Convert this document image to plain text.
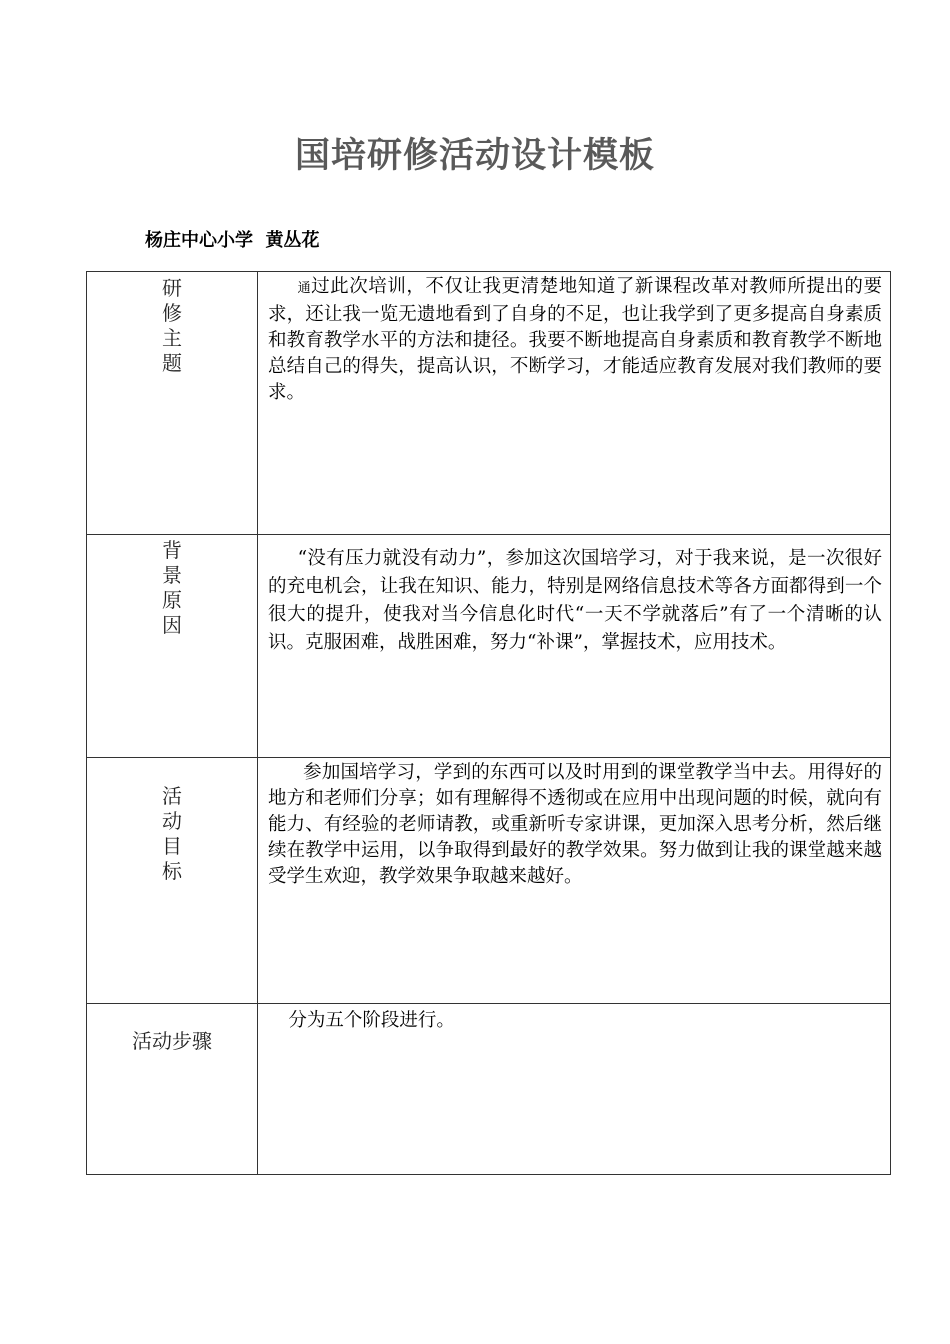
国培研修活动设计模板
杨庄中心小学  黄丛花
研修主题	通过此次培训，不仅让我更清楚地知道了新课程改革对教师所提出的要求，还让我一览无遗地看到了自身的不足，也让我学到了更多提高自身素质和教育教学水平的方法和捷径。我要不断地提高自身素质和教育教学不断地总结自己的得失，提高认识，不断学习，才能适应教育发展对我们教师的要求。

背景原因	“没有压力就没有动力”，参加这次国培学习，对于我来说，是一次很好的充电机会，让我在知识、能力，特别是网络信息技术等各方面都得到一个很大的提升，使我对当今信息化时代“一天不学就落后”有了一个清晰的认识。克服困难，战胜困难，努力“补课”，掌握技术，应用技术。

活动目标	参加国培学习，学到的东西可以及时用到的课堂教学当中去。用得好的地方和老师们分享；如有理解得不透彻或在应用中出现问题的时候，就向有能力、有经验的老师请教，或重新听专家讲课，更加深入思考分析，然后继续在教学中运用，以争取得到最好的教学效果。努力做到让我的课堂越来越受学生欢迎，教学效果争取越来越好。

活动步骤	分为五个阶段进行。
